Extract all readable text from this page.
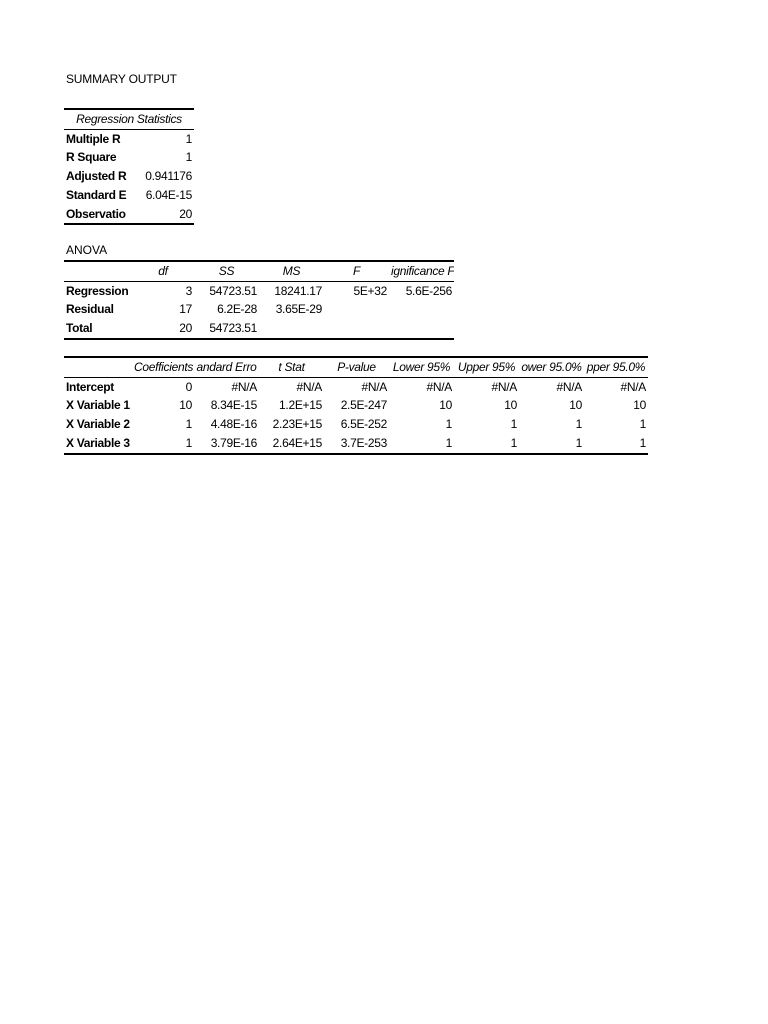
SUMMARY OUTPUT
Regression Statistics	
Multiple R	1
R Square	1
Adjusted R	0.941176
Standard E	6.04E-15
Observatio	20
ANOVA
	df	SS	MS	F	ignificance F
Regression	3	54723.51	18241.17	5E+32	5.6E-256
Residual	17	6.2E-28	3.65E-29		
Total	20	54723.51			
	Coefficients	andard Erro	t Stat	P-value	Lower 95%	Upper 95%	ower 95.0%	pper 95.0%
Intercept	0	#N/A	#N/A	#N/A	#N/A	#N/A	#N/A	#N/A
X Variable 1	10	8.34E-15	1.2E+15	2.5E-247	10	10	10	10
X Variable 2	1	4.48E-16	2.23E+15	6.5E-252	1	1	1	1
X Variable 3	1	3.79E-16	2.64E+15	3.7E-253	1	1	1	1
